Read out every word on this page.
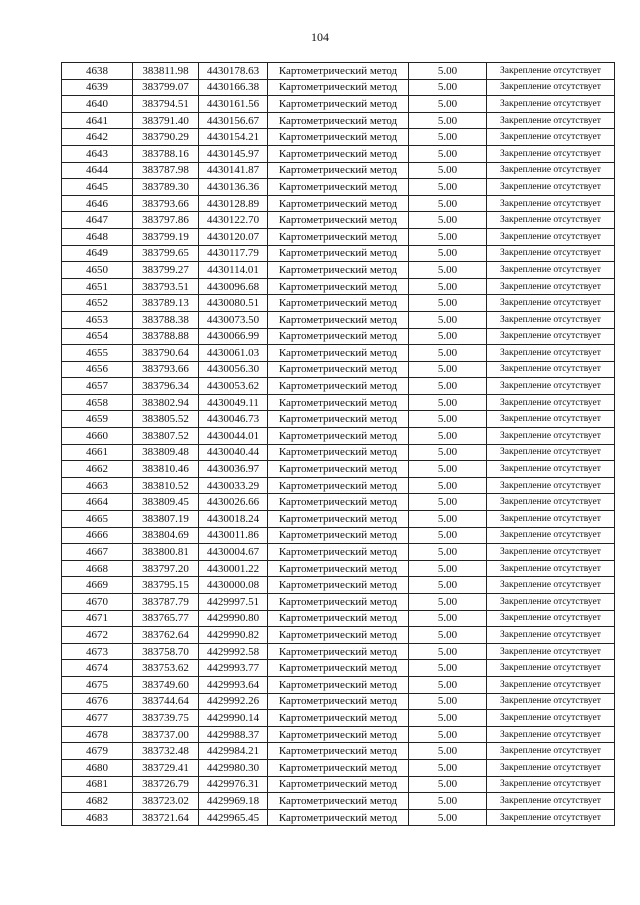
104
4638	383811.98	4430178.63	Картометрический метод	5.00	Закрепление отсутствует
4639	383799.07	4430166.38	Картометрический метод	5.00	Закрепление отсутствует
4640	383794.51	4430161.56	Картометрический метод	5.00	Закрепление отсутствует
4641	383791.40	4430156.67	Картометрический метод	5.00	Закрепление отсутствует
4642	383790.29	4430154.21	Картометрический метод	5.00	Закрепление отсутствует
4643	383788.16	4430145.97	Картометрический метод	5.00	Закрепление отсутствует
4644	383787.98	4430141.87	Картометрический метод	5.00	Закрепление отсутствует
4645	383789.30	4430136.36	Картометрический метод	5.00	Закрепление отсутствует
4646	383793.66	4430128.89	Картометрический метод	5.00	Закрепление отсутствует
4647	383797.86	4430122.70	Картометрический метод	5.00	Закрепление отсутствует
4648	383799.19	4430120.07	Картометрический метод	5.00	Закрепление отсутствует
4649	383799.65	4430117.79	Картометрический метод	5.00	Закрепление отсутствует
4650	383799.27	4430114.01	Картометрический метод	5.00	Закрепление отсутствует
4651	383793.51	4430096.68	Картометрический метод	5.00	Закрепление отсутствует
4652	383789.13	4430080.51	Картометрический метод	5.00	Закрепление отсутствует
4653	383788.38	4430073.50	Картометрический метод	5.00	Закрепление отсутствует
4654	383788.88	4430066.99	Картометрический метод	5.00	Закрепление отсутствует
4655	383790.64	4430061.03	Картометрический метод	5.00	Закрепление отсутствует
4656	383793.66	4430056.30	Картометрический метод	5.00	Закрепление отсутствует
4657	383796.34	4430053.62	Картометрический метод	5.00	Закрепление отсутствует
4658	383802.94	4430049.11	Картометрический метод	5.00	Закрепление отсутствует
4659	383805.52	4430046.73	Картометрический метод	5.00	Закрепление отсутствует
4660	383807.52	4430044.01	Картометрический метод	5.00	Закрепление отсутствует
4661	383809.48	4430040.44	Картометрический метод	5.00	Закрепление отсутствует
4662	383810.46	4430036.97	Картометрический метод	5.00	Закрепление отсутствует
4663	383810.52	4430033.29	Картометрический метод	5.00	Закрепление отсутствует
4664	383809.45	4430026.66	Картометрический метод	5.00	Закрепление отсутствует
4665	383807.19	4430018.24	Картометрический метод	5.00	Закрепление отсутствует
4666	383804.69	4430011.86	Картометрический метод	5.00	Закрепление отсутствует
4667	383800.81	4430004.67	Картометрический метод	5.00	Закрепление отсутствует
4668	383797.20	4430001.22	Картометрический метод	5.00	Закрепление отсутствует
4669	383795.15	4430000.08	Картометрический метод	5.00	Закрепление отсутствует
4670	383787.79	4429997.51	Картометрический метод	5.00	Закрепление отсутствует
4671	383765.77	4429990.80	Картометрический метод	5.00	Закрепление отсутствует
4672	383762.64	4429990.82	Картометрический метод	5.00	Закрепление отсутствует
4673	383758.70	4429992.58	Картометрический метод	5.00	Закрепление отсутствует
4674	383753.62	4429993.77	Картометрический метод	5.00	Закрепление отсутствует
4675	383749.60	4429993.64	Картометрический метод	5.00	Закрепление отсутствует
4676	383744.64	4429992.26	Картометрический метод	5.00	Закрепление отсутствует
4677	383739.75	4429990.14	Картометрический метод	5.00	Закрепление отсутствует
4678	383737.00	4429988.37	Картометрический метод	5.00	Закрепление отсутствует
4679	383732.48	4429984.21	Картометрический метод	5.00	Закрепление отсутствует
4680	383729.41	4429980.30	Картометрический метод	5.00	Закрепление отсутствует
4681	383726.79	4429976.31	Картометрический метод	5.00	Закрепление отсутствует
4682	383723.02	4429969.18	Картометрический метод	5.00	Закрепление отсутствует
4683	383721.64	4429965.45	Картометрический метод	5.00	Закрепление отсутствует
